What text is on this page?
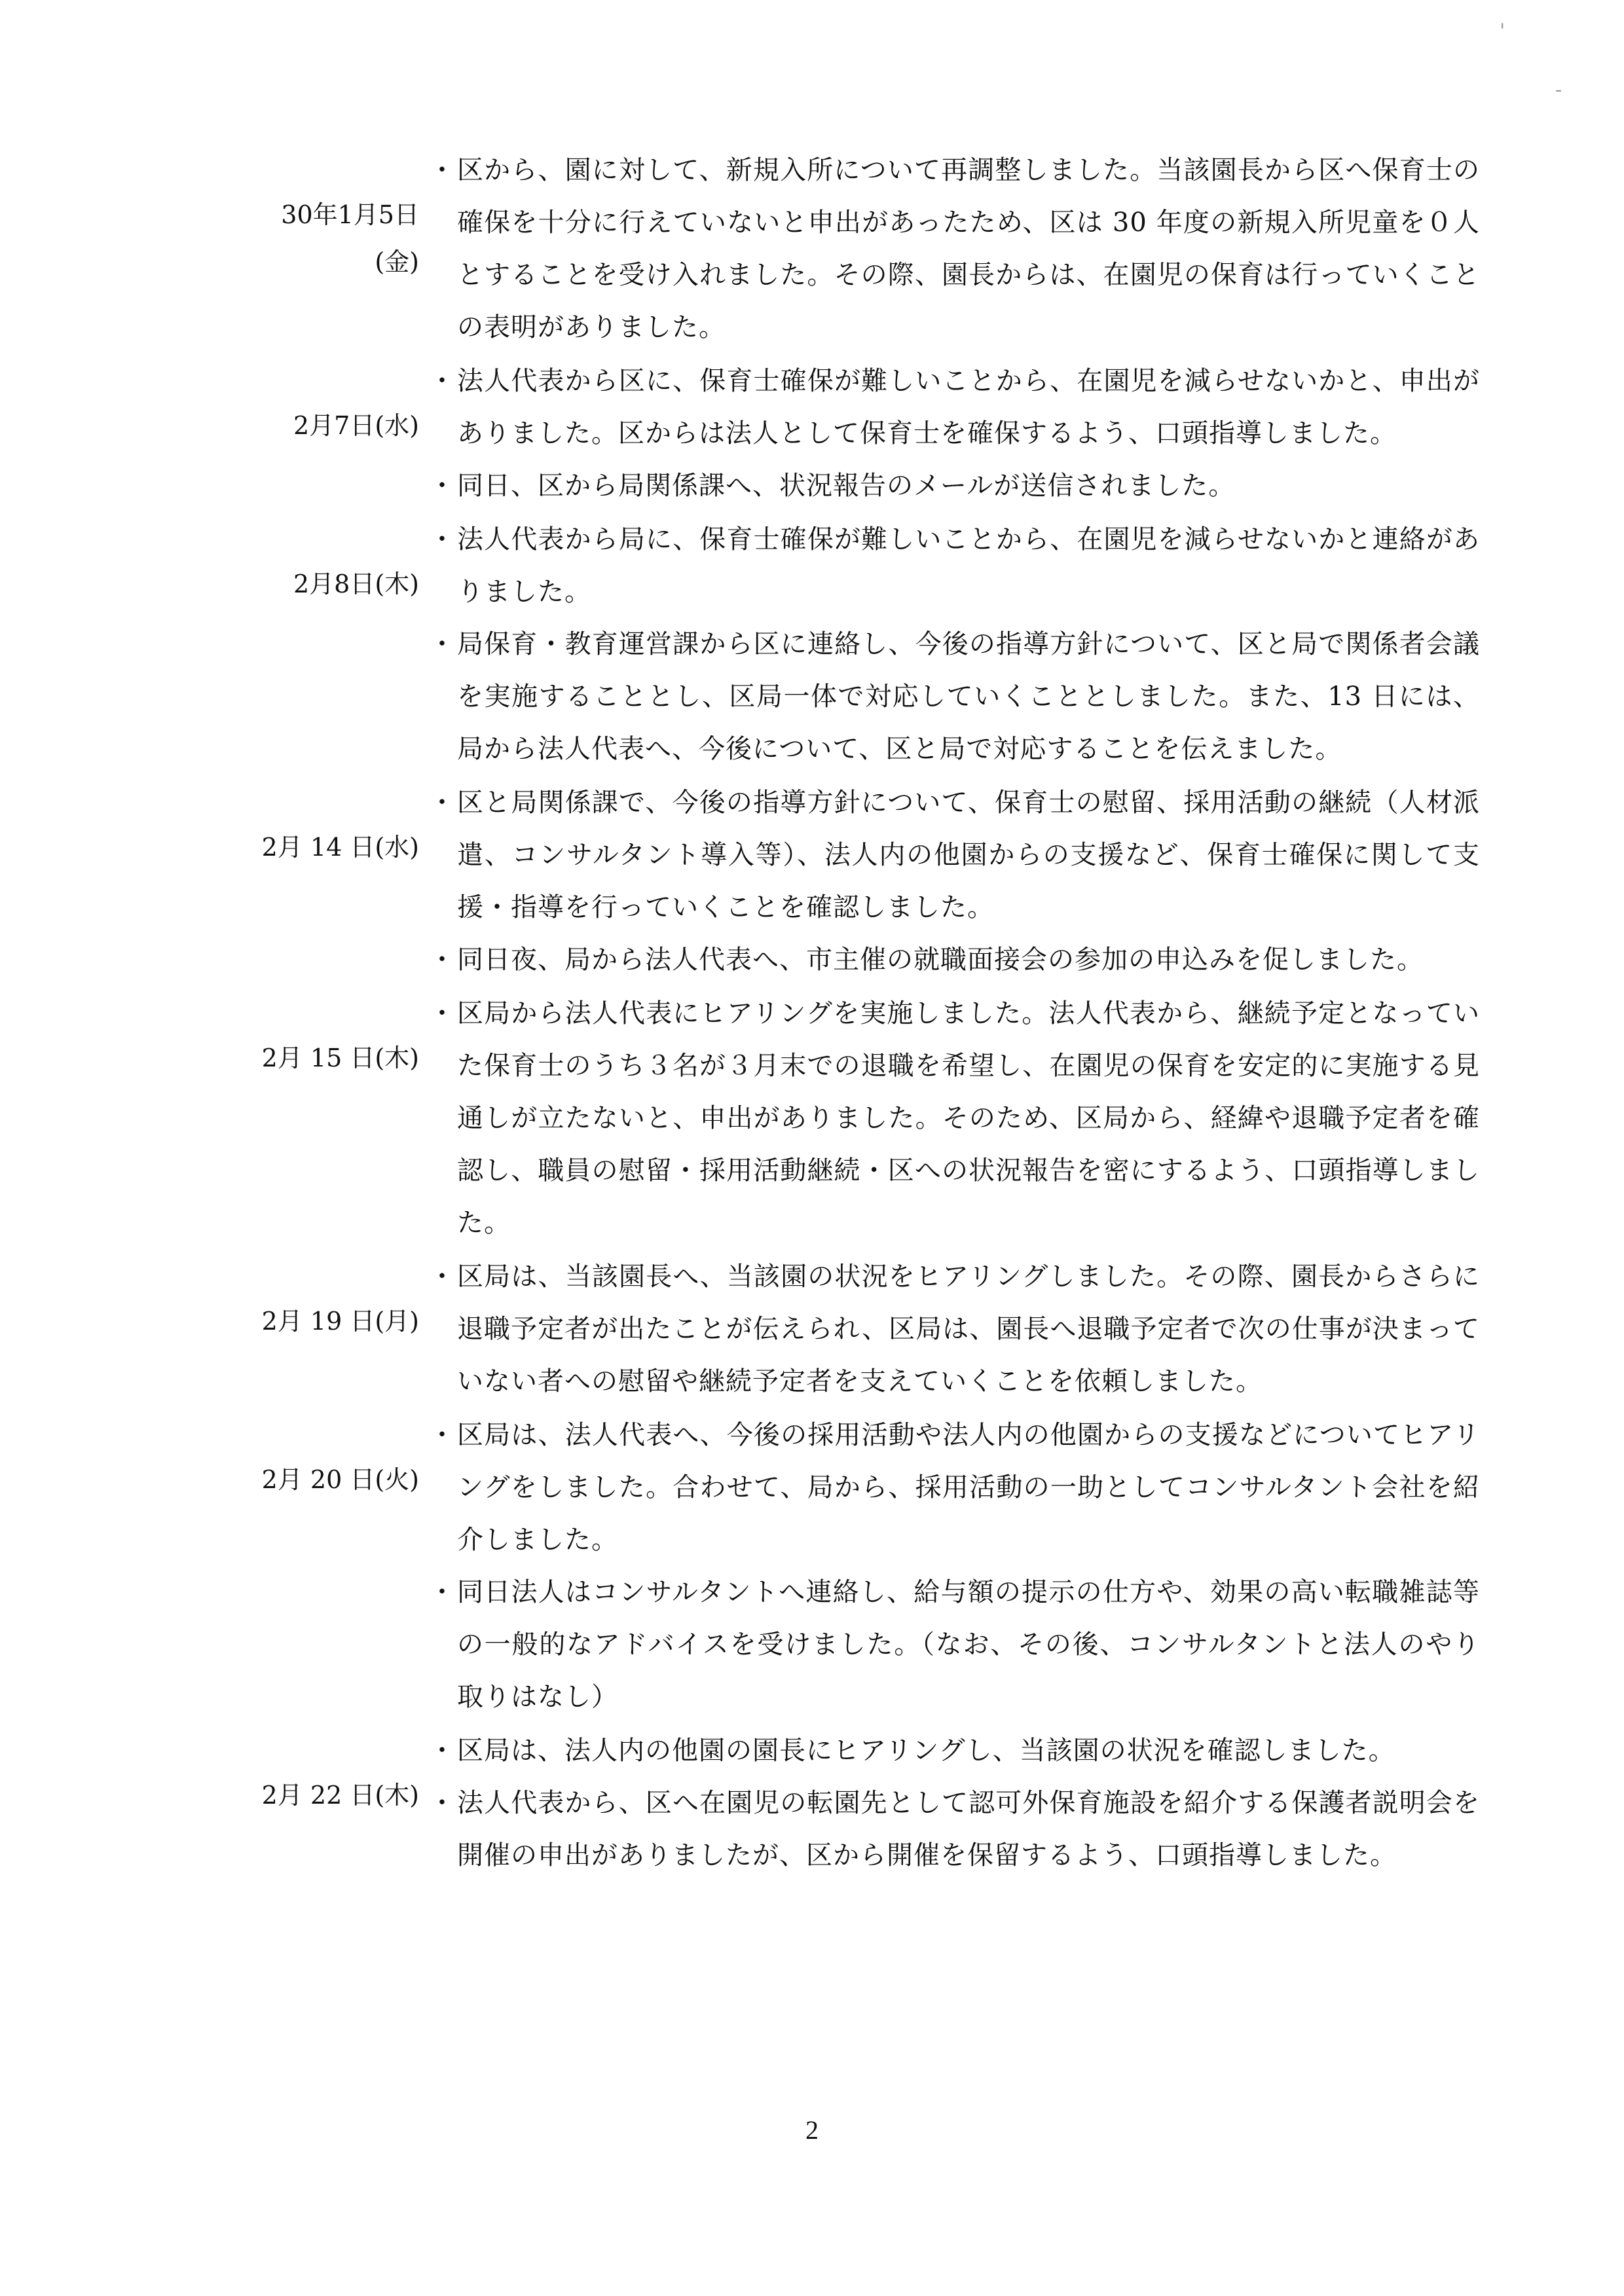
'
-

30年1月5日

(金)

・ 区から、園に対して、新規入所について再調整しました。当該園長から区へ保育士の確保を十分に行えていないと申出があったため、区は 30 年度の新規入所児童を０人とすることを受け入れました。その際、園長からは、在園児の保育は行っていくことの表明がありました。

2月7日(水)

・ 法人代表から区に、保育士確保が難しいことから、在園児を減らせないかと、申出がありました。区からは法人として保育士を確保するよう、口頭指導しました。
・ 同日、区から局関係課へ、状況報告のメールが送信されました。

2月8日(木)

・ 法人代表から局に、保育士確保が難しいことから、在園児を減らせないかと連絡がありました。
・ 局保育・教育運営課から区に連絡し、今後の指導方針について、区と局で関係者会議を実施することとし、区局一体で対応していくこととしました。また、13 日には、局から法人代表へ、今後について、区と局で対応することを伝えました。

2月 14 日(水)

・ 区と局関係課で、今後の指導方針について、保育士の慰留、採用活動の継続（人材派遣、コンサルタント導入等）、法人内の他園からの支援など、保育士確保に関して支援・指導を行っていくことを確認しました。
・ 同日夜、局から法人代表へ、市主催の就職面接会の参加の申込みを促しました。

2月 15 日(木)

・ 区局から法人代表にヒアリングを実施しました。法人代表から、継続予定となっていた保育士のうち３名が３月末での退職を希望し、在園児の保育を安定的に実施する見通しが立たないと、申出がありました。そのため、区局から、経緯や退職予定者を確認し、職員の慰留・採用活動継続・区への状況報告を密にするよう、口頭指導しました。

2月 19 日(月)

・ 区局は、当該園長へ、当該園の状況をヒアリングしました。その際、園長からさらに退職予定者が出たことが伝えられ、区局は、園長へ退職予定者で次の仕事が決まっていない者への慰留や継続予定者を支えていくことを依頼しました。

2月 20 日(火)

・ 区局は、法人代表へ、今後の採用活動や法人内の他園からの支援などについてヒアリングをしました。合わせて、局から、採用活動の一助としてコンサルタント会社を紹介しました。
・ 同日法人はコンサルタントへ連絡し、給与額の提示の仕方や、効果の高い転職雑誌等の一般的なアドバイスを受けました。（なお、その後、コンサルタントと法人のやり取りはなし）

2月 22 日(木)

・ 区局は、法人内の他園の園長にヒアリングし、当該園の状況を確認しました。
・ 法人代表から、区へ在園児の転園先として認可外保育施設を紹介する保護者説明会を開催の申出がありましたが、区から開催を保留するよう、口頭指導しました。
2
